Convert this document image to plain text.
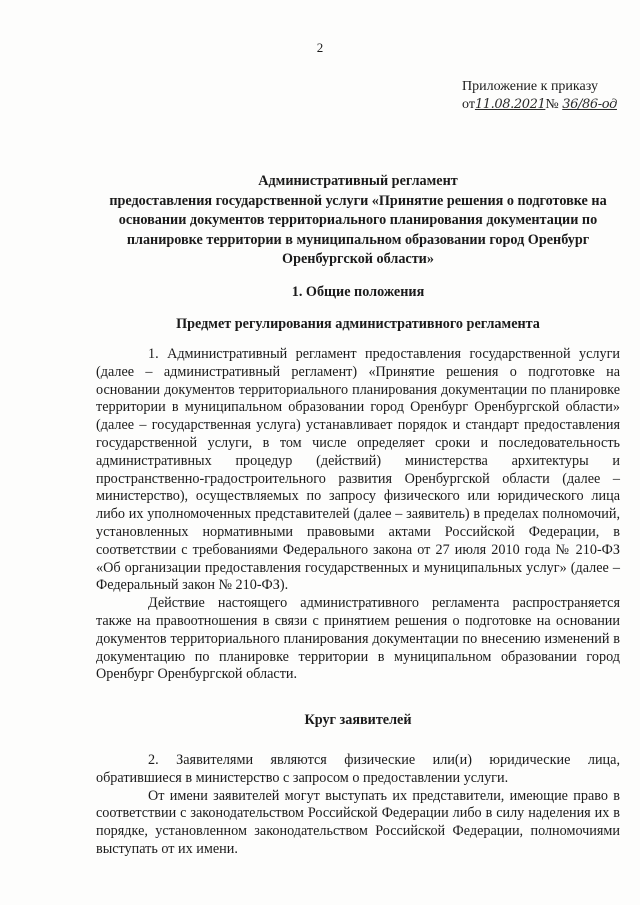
2
Приложение к приказу
от11.08.2021№ 36/86-од
Административный регламент
предоставления государственной услуги «Принятие решения о подготовке на основании документов территориального планирования документации по планировке территории в муниципальном образовании город Оренбург Оренбургской области»
1. Общие положения
Предмет регулирования административного регламента

1. Административный регламент предоставления государственной услуги (далее – административный регламент) «Принятие решения о подготовке на основании документов территориального планирования документации по планировке территории в муниципальном образовании город Оренбург Оренбургской области» (далее – государственная услуга) устанавливает порядок и стандарт предоставления государственной услуги, в том числе определяет сроки и последовательность административных процедур (действий) министерства архитектуры и пространственно-градостроительного развития Оренбургской области (далее – министерство), осуществляемых по запросу физического или юридического лица либо их уполномоченных представителей (далее – заявитель) в пределах полномочий, установленных нормативными правовыми актами Российской Федерации, в соответствии с требованиями Федерального закона от 27 июля 2010 года № 210-ФЗ «Об организации предоставления государственных и муниципальных услуг» (далее – Федеральный закон № 210-ФЗ).

Действие настоящего административного регламента распространяется также на правоотношения в связи с принятием решения о подготовке на основании документов территориального планирования документации по внесению изменений в документацию по планировке территории в муниципальном образовании город Оренбург Оренбургской области.

Круг заявителей

2. Заявителями являются физические или(и) юридические лица, обратившиеся в министерство с запросом о предоставлении услуги.

От имени заявителей могут выступать их представители, имеющие право в соответствии с законодательством Российской Федерации либо в силу наделения их в порядке, установленном законодательством Российской Федерации, полномочиями выступать от их имени.
